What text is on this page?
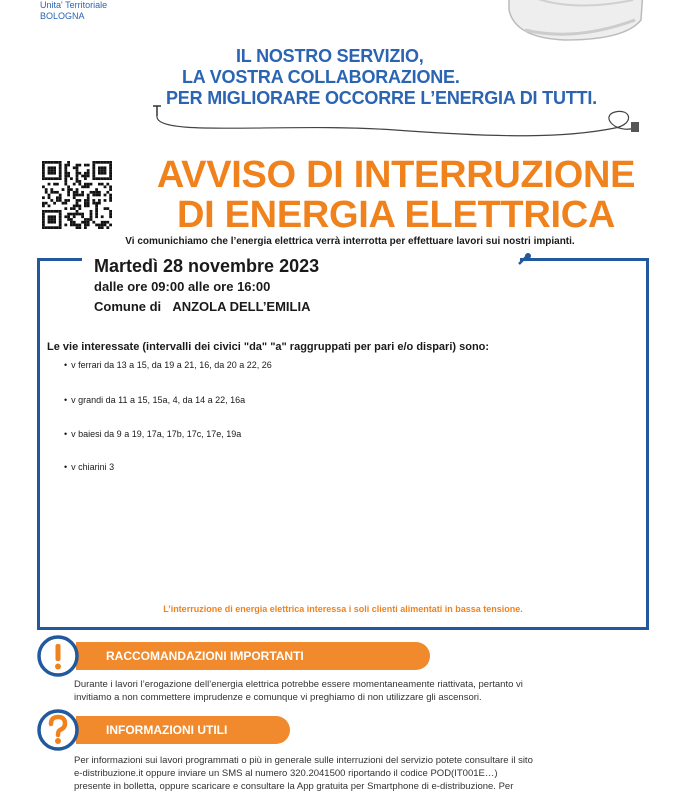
Unita' Territoriale
BOLOGNA
IL NOSTRO SERVIZIO,
LA VOSTRA COLLABORAZIONE.
PER MIGLIORARE OCCORRE L’ENERGIA DI TUTTI.
AVVISO DI INTERRUZIONE
DI ENERGIA ELETTRICA
Vi comunichiamo che l’energia elettrica verrà interrotta per effettuare lavori sui nostri impianti.
Martedì 28 novembre 2023
dalle ore 09:00 alle ore 16:00
Comune di ANZOLA DELL’EMILIA
Le vie interessate (intervalli dei civici "da" "a" raggruppati per pari e/o dispari) sono:
• v ferrari da 13 a 15, da 19 a 21, 16, da 20 a 22, 26
• v grandi da 11 a 15, 15a, 4, da 14 a 22, 16a
• v baiesi da 9 a 19, 17a, 17b, 17c, 17e, 19a
• v chiarini 3
L’interruzione di energia elettrica interessa i soli clienti alimentati in bassa tensione.
RACCOMANDAZIONI IMPORTANTI
Durante i lavori l’erogazione dell’energia elettrica potrebbe essere momentaneamente riattivata, pertanto vi
invitiamo a non commettere imprudenze e comunque vi preghiamo di non utilizzare gli ascensori.
INFORMAZIONI UTILI
Per informazioni sui lavori programmati o più in generale sulle interruzioni del servizio potete consultare il sito
e-distribuzione.it oppure inviare un SMS al numero 320.2041500 riportando il codice POD(IT001E…)
presente in bolletta, oppure scaricare e consultare la App gratuita per Smartphone di e-distribuzione. Per
